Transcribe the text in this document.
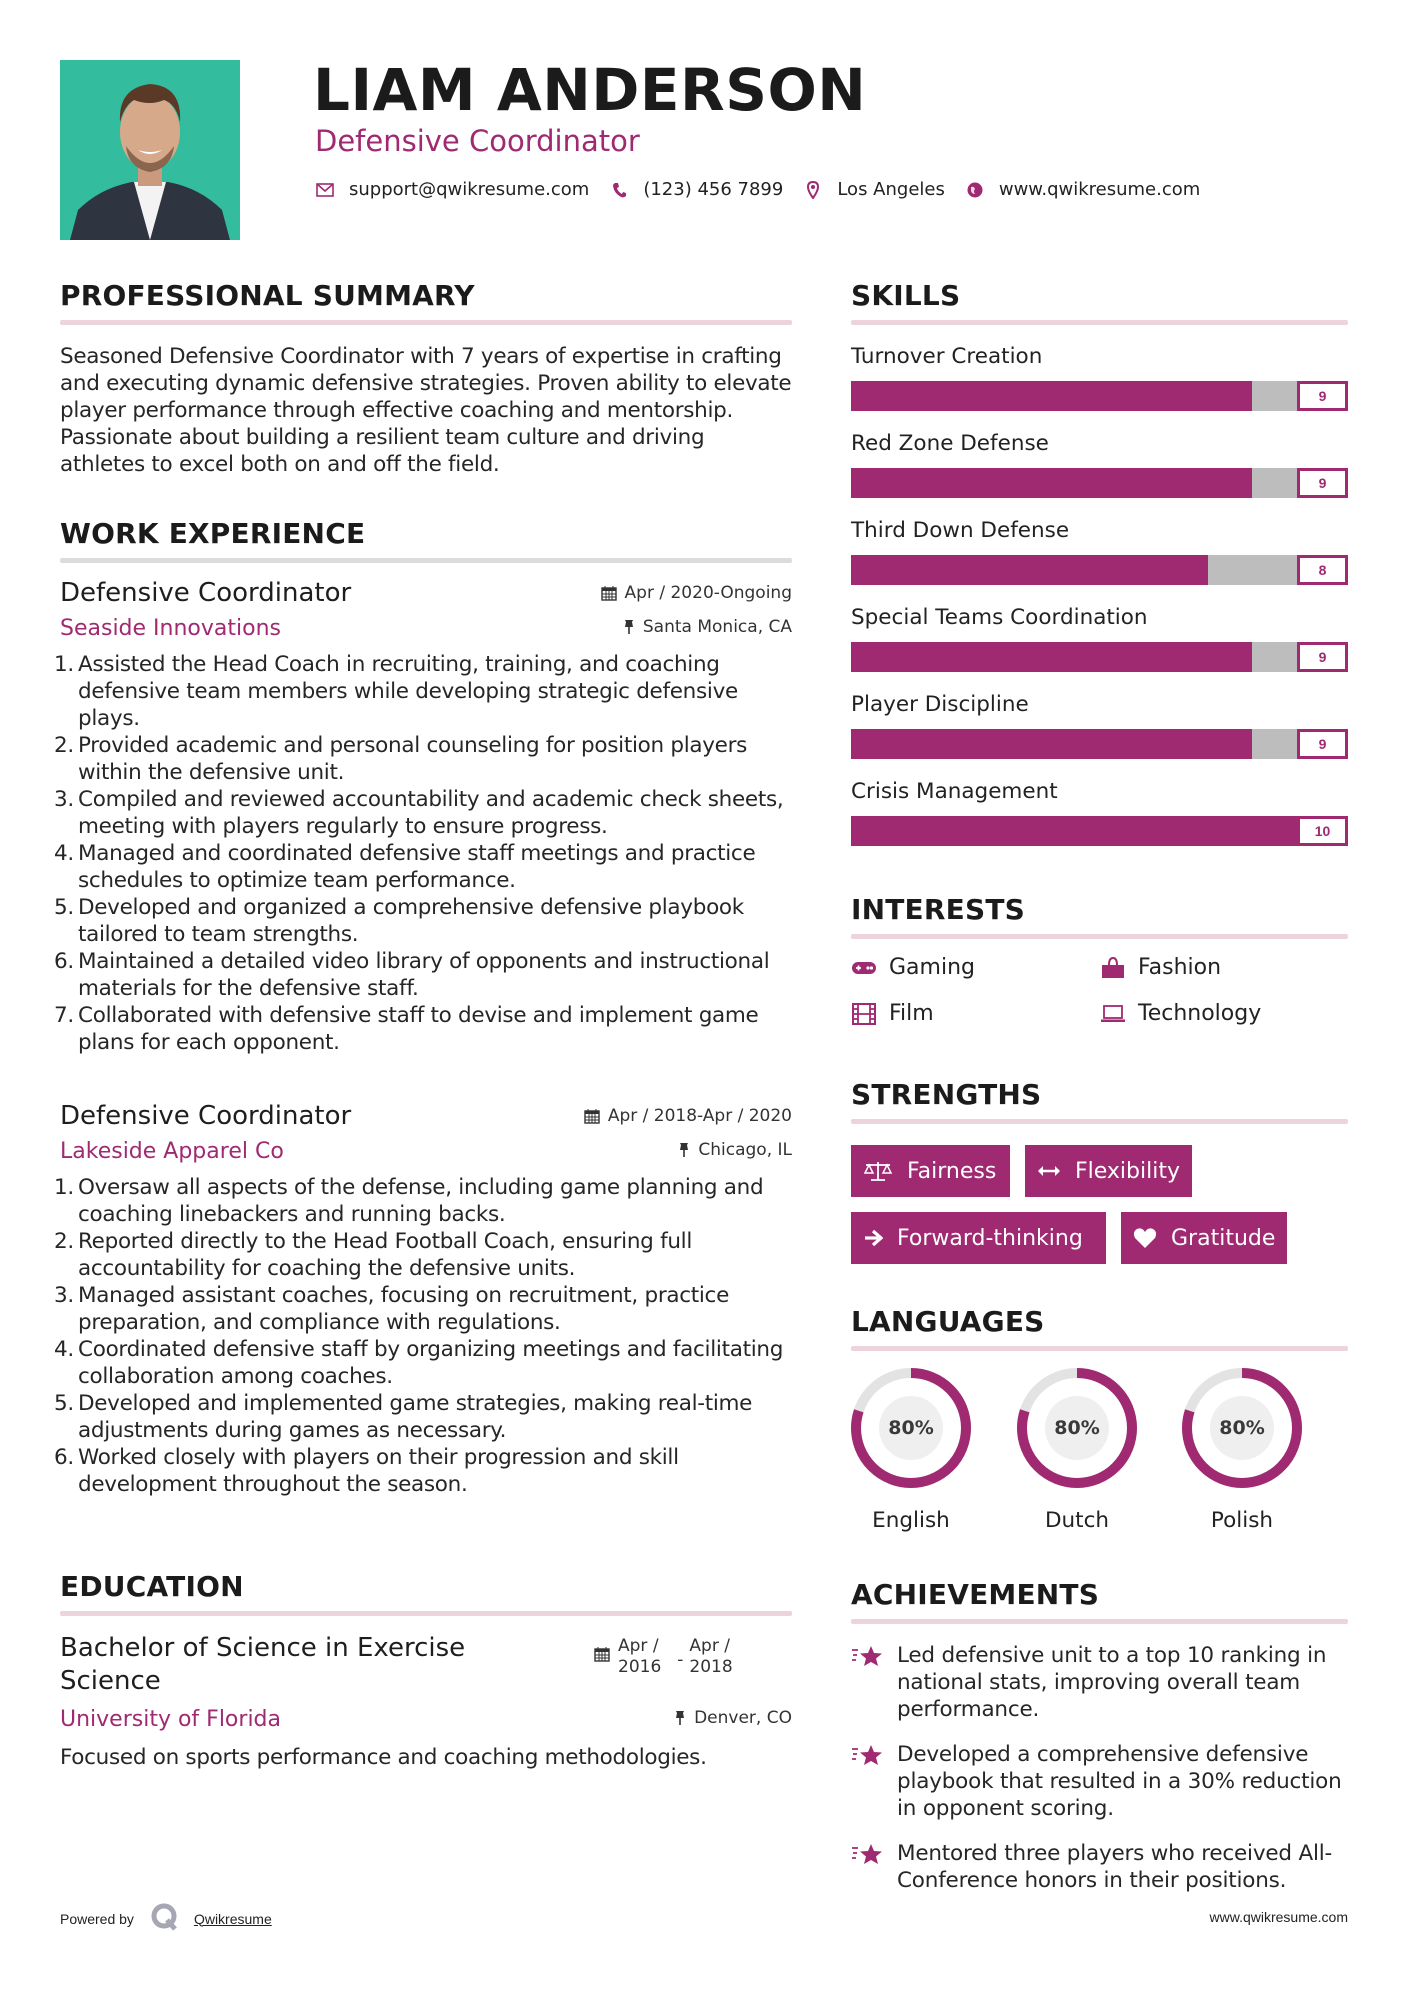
LIAM ANDERSON
Defensive Coordinator
support@qwikresume.com	(123) 456 7899	Los Angeles	www.qwikresume.com
PROFESSIONAL SUMMARY
Seasoned Defensive Coordinator with 7 years of expertise in crafting and executing dynamic defensive strategies. Proven ability to elevate player performance through effective coaching and mentorship. Passionate about building a resilient team culture and driving athletes to excel both on and off the field.
WORK EXPERIENCE
Defensive Coordinator	Apr / 2020-Ongoing
Seaside Innovations	Santa Monica, CA
1. Assisted the Head Coach in recruiting, training, and coaching defensive team members while developing strategic defensive plays.
2. Provided academic and personal counseling for position players within the defensive unit.
3. Compiled and reviewed accountability and academic check sheets, meeting with players regularly to ensure progress.
4. Managed and coordinated defensive staff meetings and practice schedules to optimize team performance.
5. Developed and organized a comprehensive defensive playbook tailored to team strengths.
6. Maintained a detailed video library of opponents and instructional materials for the defensive staff.
7. Collaborated with defensive staff to devise and implement game plans for each opponent.
Defensive Coordinator	Apr / 2018-Apr / 2020
Lakeside Apparel Co	Chicago, IL
1. Oversaw all aspects of the defense, including game planning and coaching linebackers and running backs.
2. Reported directly to the Head Football Coach, ensuring full accountability for coaching the defensive units.
3. Managed assistant coaches, focusing on recruitment, practice preparation, and compliance with regulations.
4. Coordinated defensive staff by organizing meetings and facilitating collaboration among coaches.
5. Developed and implemented game strategies, making real-time adjustments during games as necessary.
6. Worked closely with players on their progression and skill development throughout the season.
EDUCATION
Bachelor of Science in Exercise Science
Apr /
2016 -
Apr /
2018
University of Florida	Denver, CO
Focused on sports performance and coaching methodologies.
SKILLS
Turnover Creation
9
Red Zone Defense
9
Third Down Defense
8
Special Teams Coordination
9
Player Discipline
9
Crisis Management
10
INTERESTS
Gaming	Fashion
Film	Technology
STRENGTHS
Fairness	Flexibility
Forward-thinking	Gratitude
LANGUAGES
80%
English
80%
Dutch
80%
Polish
ACHIEVEMENTS
Led defensive unit to a top 10 ranking in national stats, improving overall team performance.
Developed a comprehensive defensive playbook that resulted in a 30% reduction in opponent scoring.
Mentored three players who received All-Conference honors in their positions.
Powered by	Qwikresume	www.qwikresume.com
